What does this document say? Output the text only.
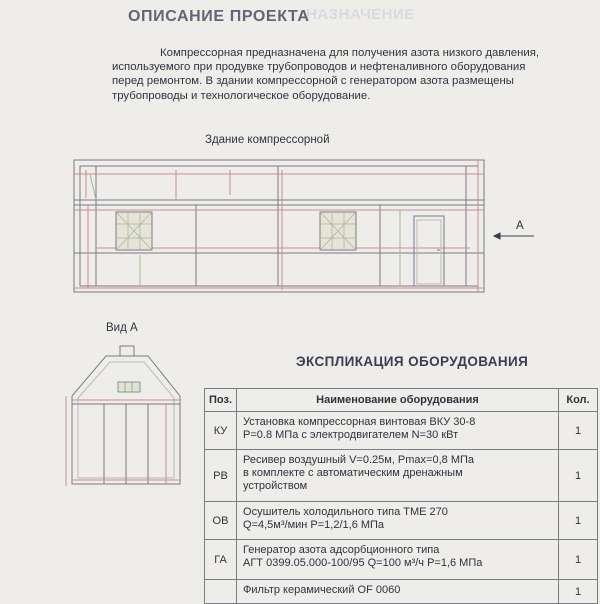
НАЗНАЧЕНИЕ
ОПИСАНИЕ ПРОЕКТА

Компрессорная предназначена для получения азота низкого давления,

используемого при продувке трубопроводов и нефтеналивного оборудования

перед ремонтом. В здании компрессорной с генератором азота размещены

трубопроводы и технологическое оборудование.

Здание компрессорной
А
Вид А
ЭКСПЛИКАЦИЯ ОБОРУДОВАНИЯ
Поз.	Наименование оборудования	Кол.
КУ	Установка компрессорная винтовая ВКУ 30-8
Р=0.8 МПа с электродвигателем N=30 кВт	1
РВ	Ресивер воздушный V=0.25м, Рmax=0,8 МПа
в комплекте с автоматическим дренажным
устройством	1
ОВ	Осушитель холодильного типа ТМЕ 270
Q=4,5м³/мин Р=1,2/1,6 МПа	1
ГА	Генератор азота адсорбционного типа
АГТ 0399.05.000-100/95 Q=100 м³/ч Р=1,6 МПа	1

	Фильтр керамический OF 0060	1
